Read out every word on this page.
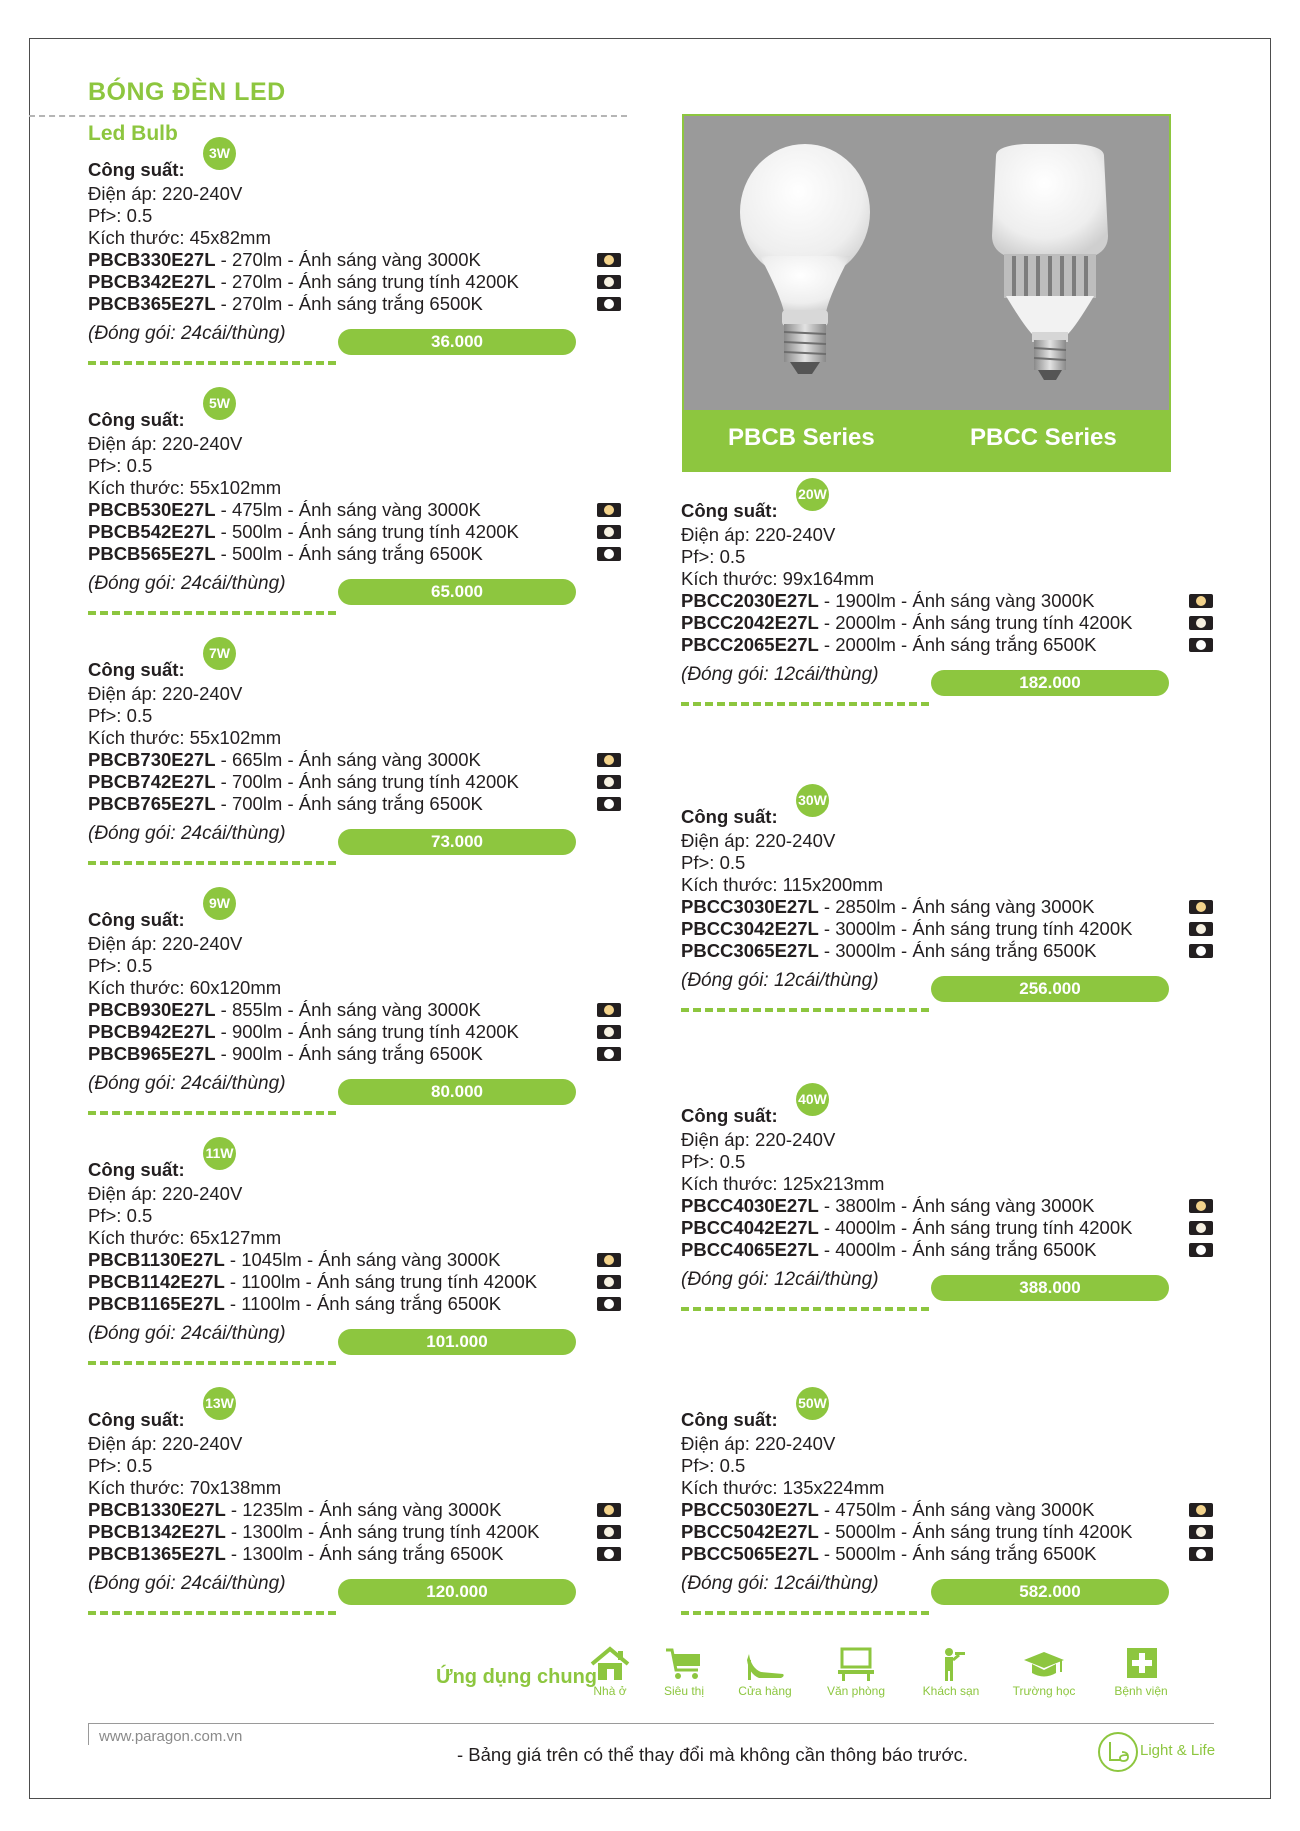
BÓNG ĐÈN LED
Led Bulb
Công suất:
3W
Điện áp: 220-240V
Pf>: 0.5
Kích thước: 45x82mm
PBCB330E27L - 270lm - Ánh sáng vàng 3000K
PBCB342E27L - 270lm - Ánh sáng trung tính 4200K
PBCB365E27L - 270lm - Ánh sáng trắng 6500K
(Đóng gói: 24cái/thùng)	36.000
Công suất:
5W
Điện áp: 220-240V
Pf>: 0.5
Kích thước: 55x102mm
PBCB530E27L - 475lm - Ánh sáng vàng 3000K
PBCB542E27L - 500lm - Ánh sáng trung tính 4200K
PBCB565E27L - 500lm - Ánh sáng trắng 6500K
(Đóng gói: 24cái/thùng)	65.000
Công suất:
7W
Điện áp: 220-240V
Pf>: 0.5
Kích thước: 55x102mm
PBCB730E27L - 665lm - Ánh sáng vàng 3000K
PBCB742E27L - 700lm - Ánh sáng trung tính 4200K
PBCB765E27L - 700lm - Ánh sáng trắng 6500K
(Đóng gói: 24cái/thùng)	73.000
Công suất:
9W
Điện áp: 220-240V
Pf>: 0.5
Kích thước: 60x120mm
PBCB930E27L - 855lm - Ánh sáng vàng 3000K
PBCB942E27L - 900lm - Ánh sáng trung tính 4200K
PBCB965E27L - 900lm - Ánh sáng trắng 6500K
(Đóng gói: 24cái/thùng)	80.000
Công suất:
11W
Điện áp: 220-240V
Pf>: 0.5
Kích thước: 65x127mm
PBCB1130E27L - 1045lm - Ánh sáng vàng 3000K
PBCB1142E27L - 1100lm - Ánh sáng trung tính 4200K
PBCB1165E27L - 1100lm - Ánh sáng trắng 6500K
(Đóng gói: 24cái/thùng)	101.000
Công suất:
13W
Điện áp: 220-240V
Pf>: 0.5
Kích thước: 70x138mm
PBCB1330E27L - 1235lm - Ánh sáng vàng 3000K
PBCB1342E27L - 1300lm - Ánh sáng trung tính 4200K
PBCB1365E27L - 1300lm - Ánh sáng trắng 6500K
(Đóng gói: 24cái/thùng)	120.000
Công suất:
20W
Điện áp: 220-240V
Pf>: 0.5
Kích thước: 99x164mm
PBCC2030E27L - 1900lm - Ánh sáng vàng 3000K
PBCC2042E27L - 2000lm - Ánh sáng trung tính 4200K
PBCC2065E27L - 2000lm - Ánh sáng trắng 6500K
(Đóng gói: 12cái/thùng)	182.000
Công suất:
30W
Điện áp: 220-240V
Pf>: 0.5
Kích thước: 115x200mm
PBCC3030E27L - 2850lm - Ánh sáng vàng 3000K
PBCC3042E27L - 3000lm - Ánh sáng trung tính 4200K
PBCC3065E27L - 3000lm - Ánh sáng trắng 6500K
(Đóng gói: 12cái/thùng)	256.000
Công suất:
40W
Điện áp: 220-240V
Pf>: 0.5
Kích thước: 125x213mm
PBCC4030E27L - 3800lm - Ánh sáng vàng 3000K
PBCC4042E27L - 4000lm - Ánh sáng trung tính 4200K
PBCC4065E27L - 4000lm - Ánh sáng trắng 6500K
(Đóng gói: 12cái/thùng)	388.000
Công suất:
50W
Điện áp: 220-240V
Pf>: 0.5
Kích thước: 135x224mm
PBCC5030E27L - 4750lm - Ánh sáng vàng 3000K
PBCC5042E27L - 5000lm - Ánh sáng trung tính 4200K
PBCC5065E27L - 5000lm - Ánh sáng trắng 6500K
(Đóng gói: 12cái/thùng)	582.000
PBCB Series	PBCC Series
Ứng dụng chung
Nhà ở	Siêu thị	Cửa hàng	Văn phòng	Khách sạn	Trường học	Bệnh viện
www.paragon.com.vn
- Bảng giá trên có thể thay đổi mà không cần thông báo trước.	Light & Life
